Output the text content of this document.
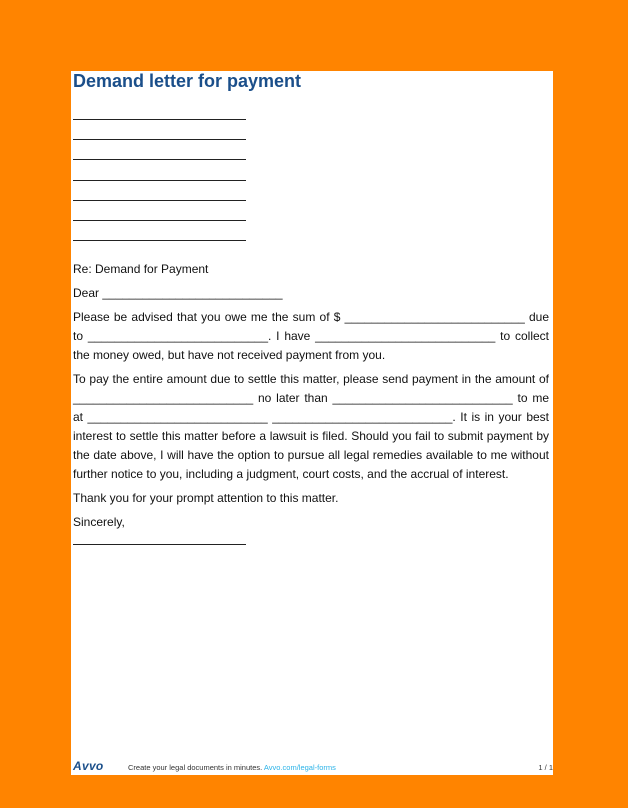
Demand letter for payment

Re: Demand for Payment

Dear ___________________________

Please be advised that you owe me the sum of $ ___________________________ due to ___________________________. I have ___________________________ to collect the money owed, but have not received payment from you.

To pay the entire amount due to settle this matter, please send payment in the amount of ___________________________ no later than ___________________________ to me at ___________________________ ___________________________. It is in your best interest to settle this matter before a lawsuit is filed. Should you fail to submit payment by the date above, I will have the option to pursue all legal remedies available to me without further notice to you, including a judgment, court costs, and the accrual of interest.

Thank you for your prompt attention to this matter.

Sincerely,

Avvo	Create your legal documents in minutes. Avvo.com/legal-forms	1 / 1
